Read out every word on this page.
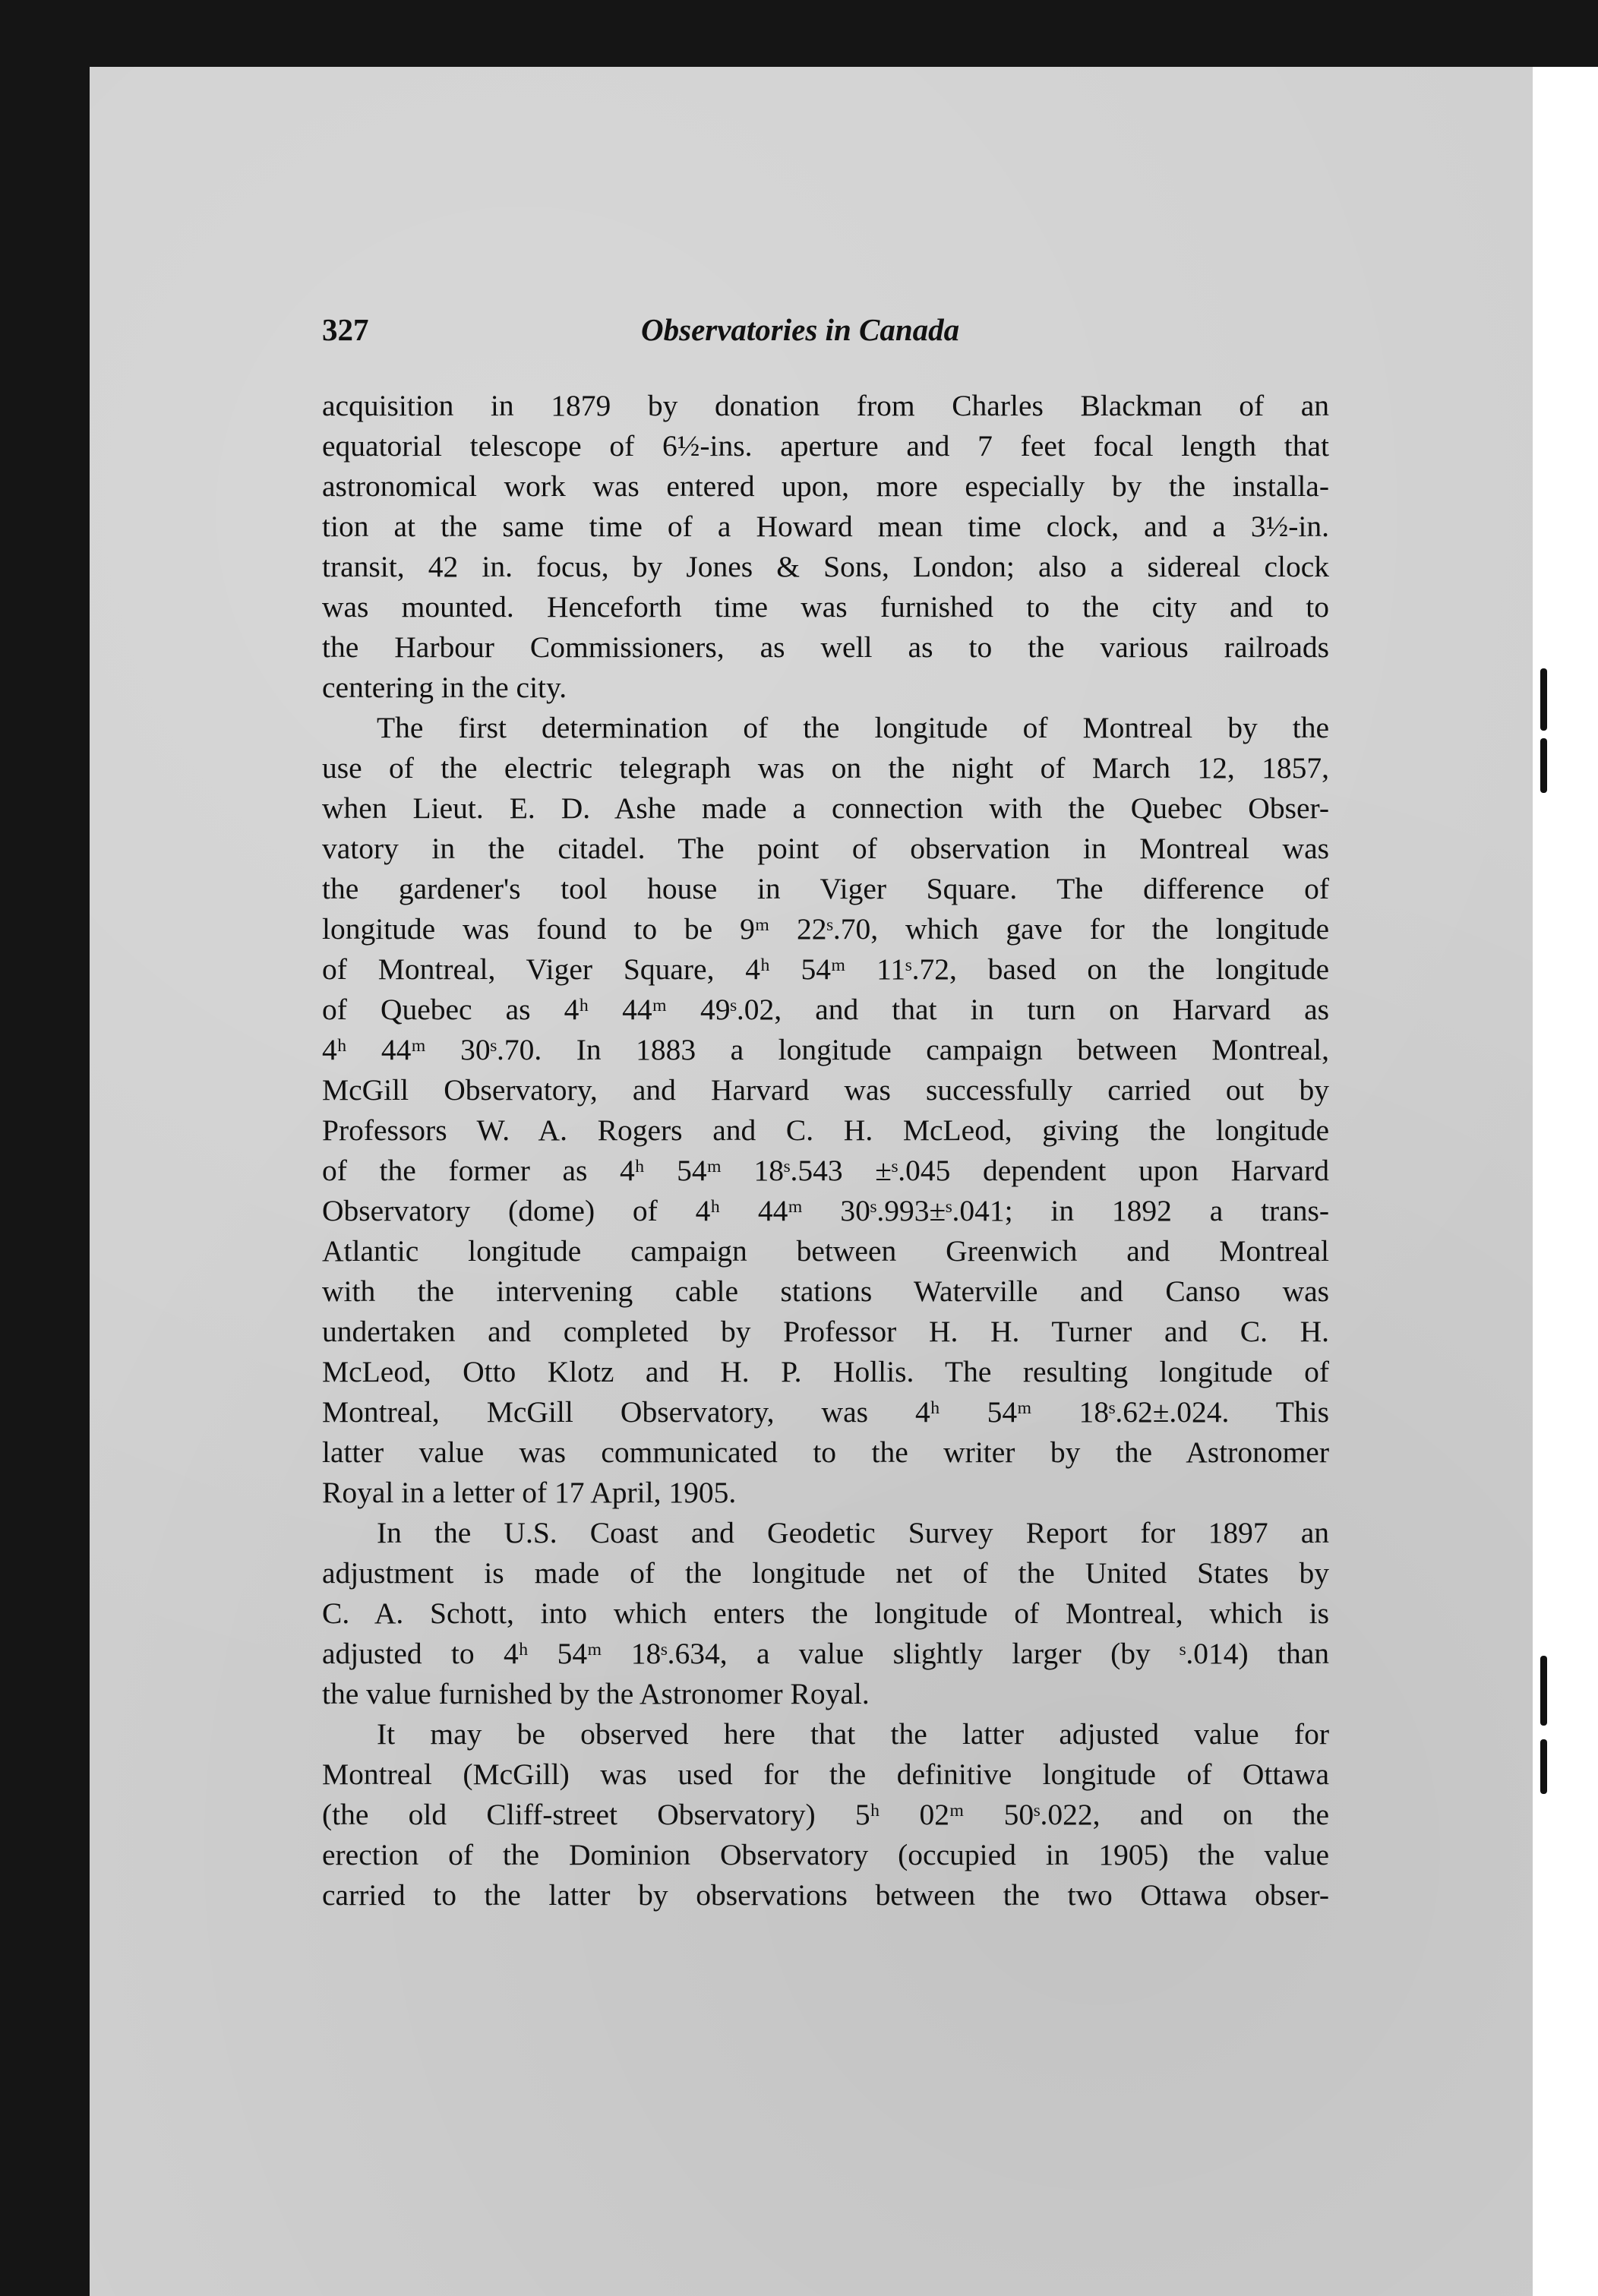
327	Observatories in Canada
acquisition in 1879 by donation from Charles Blackman of an
equatorial telescope of 6½-ins. aperture and 7 feet focal length that
astronomical work was entered upon, more especially by the installa-
tion at the same time of a Howard mean time clock, and a 3½-in.
transit, 42 in. focus, by Jones & Sons, London; also a sidereal clock
was mounted. Henceforth time was furnished to the city and to
the Harbour Commissioners, as well as to the various railroads
centering in the city.
The first determination of the longitude of Montreal by the
use of the electric telegraph was on the night of March 12, 1857,
when Lieut. E. D. Ashe made a connection with the Quebec Obser-
vatory in the citadel. The point of observation in Montreal was
the gardener's tool house in Viger Square. The difference of
longitude was found to be 9ᵐ 22ˢ.70, which gave for the longitude
of Montreal, Viger Square, 4ʰ 54ᵐ 11ˢ.72, based on the longitude
of Quebec as 4ʰ 44ᵐ 49ˢ.02, and that in turn on Harvard as
4ʰ 44ᵐ 30ˢ.70. In 1883 a longitude campaign between Montreal,
McGill Observatory, and Harvard was successfully carried out by
Professors W. A. Rogers and C. H. McLeod, giving the longitude
of the former as 4ʰ 54ᵐ 18ˢ.543 ±ˢ.045 dependent upon Harvard
Observatory (dome) of 4ʰ 44ᵐ 30ˢ.993±ˢ.041; in 1892 a trans-
Atlantic longitude campaign between Greenwich and Montreal
with the intervening cable stations Waterville and Canso was
undertaken and completed by Professor H. H. Turner and C. H.
McLeod, Otto Klotz and H. P. Hollis. The resulting longitude of
Montreal, McGill Observatory, was 4ʰ 54ᵐ 18ˢ.62±.024. This
latter value was communicated to the writer by the Astronomer
Royal in a letter of 17 April, 1905.
In the U.S. Coast and Geodetic Survey Report for 1897 an
adjustment is made of the longitude net of the United States by
C. A. Schott, into which enters the longitude of Montreal, which is
adjusted to 4ʰ 54ᵐ 18ˢ.634, a value slightly larger (by ˢ.014) than
the value furnished by the Astronomer Royal.
It may be observed here that the latter adjusted value for
Montreal (McGill) was used for the definitive longitude of Ottawa
(the old Cliff-street Observatory) 5ʰ 02ᵐ 50ˢ.022, and on the
erection of the Dominion Observatory (occupied in 1905) the value
carried to the latter by observations between the two Ottawa obser-
